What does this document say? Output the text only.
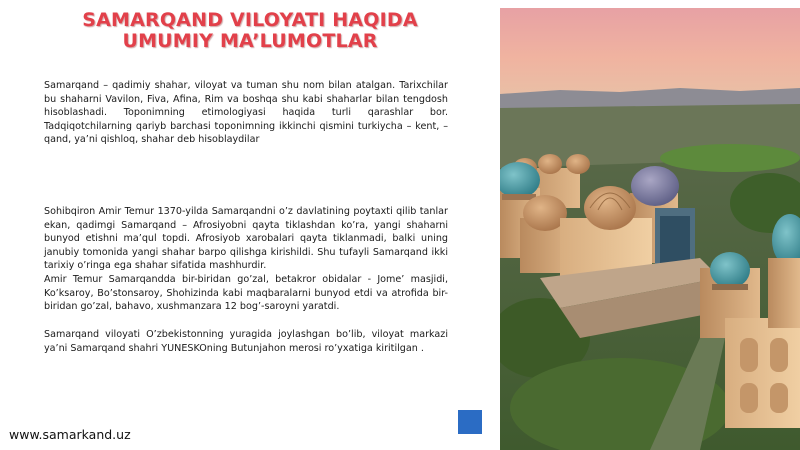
SAMARQAND VILOYATI HAQIDA
UMUMIY MA’LUMOTLAR

Samarqand – qadimiy shahar, viloyat va tuman shu nom bilan atalgan. Tarixchilar bu shaharni Vavilon, Fiva, Afina, Rim va boshqa shu kabi shaharlar bilan tengdosh hisoblashadi. Toponimning etimologiyasi haqida turli qarashlar bor. Tadqiqotchilarning qariyb barchasi toponimning ikkinchi qismini turkiycha – kent, – qand, ya’ni qishloq, shahar deb hisoblaydilar

Sohibqiron Amir Temur 1370-yilda Samarqandni o’z davlatining poytaxti qilib tanlar ekan, qadimgi Samarqand – Afrosiyobni qayta tiklashdan ko’ra, yangi shaharni bunyod etishni ma’qul topdi. Afrosiyob xarobalari qayta tiklanmadi, balki uning janubiy tomonida yangi shahar barpo qilishga kirishildi. Shu tufayli Samarqand ikki tarixiy o’ringa ega shahar sifatida mashhurdir.
Amir Temur Samarqandda bir-biridan go’zal, betakror obidalar - Jome’ masjidi, Ko’ksaroy, Bo’stonsaroy, Shohizinda kabi maqbaralarni bunyod etdi va atrofida bir-biridan go’zal, bahavo, xushmanzara 12 bog’-saroyni yaratdi.

Samarqand viloyati O’zbekistonning yuragida joylashgan bo’lib, viloyat markazi ya’ni Samarqand shahri YUNESKOning Butunjahon merosi ro’yxatiga kiritilgan .

www.samarkand.uz
